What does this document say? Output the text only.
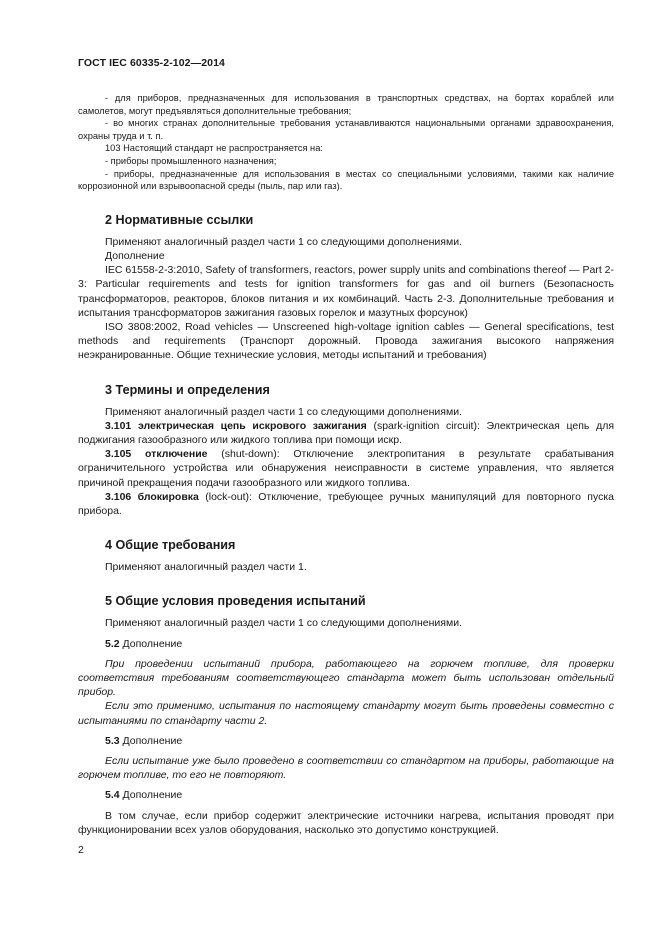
ГОСТ IEC 60335-2-102—2014

- для приборов, предназначенных для использования в транспортных средствах, на бортах кораблей или самолетов, могут предъявляться дополнительные требования;

- во многих странах дополнительные требования устанавливаются национальными органами здравоохранения, охраны труда и т. п.

103 Настоящий стандарт не распространяется на:

- приборы промышленного назначения;

- приборы, предназначенные для использования в местах со специальными условиями, такими как наличие коррозионной или взрывоопасной среды (пыль, пар или газ).

2 Нормативные ссылки

Применяют аналогичный раздел части 1 со следующими дополнениями.

Дополнение

IEC 61558-2-3:2010, Safety of transformers, reactors, power supply units and combinations thereof — Part 2-3: Particular requirements and tests for ignition transformers for gas and oil burners (Безопасность трансформаторов, реакторов, блоков питания и их комбинаций. Часть 2-3. Дополнительные требования и испытания трансформаторов зажигания газовых горелок и мазутных форсунок)

ISO 3808:2002, Road vehicles — Unscreened high-voltage ignition cables — General specifications, test methods and requirements (Транспорт дорожный. Провода зажигания высокого напряжения неэкранированные. Общие технические условия, методы испытаний и требования)

3 Термины и определения

Применяют аналогичный раздел части 1 со следующими дополнениями.

3.101 электрическая цепь искрового зажигания (spark-ignition circuit): Электрическая цепь для поджигания газообразного или жидкого топлива при помощи искр.

3.105 отключение (shut-down): Отключение электропитания в результате срабатывания ограничительного устройства или обнаружения неисправности в системе управления, что является причиной прекращения подачи газообразного или жидкого топлива.

3.106 блокировка (lock-out): Отключение, требующее ручных манипуляций для повторного пуска прибора.

4 Общие требования

Применяют аналогичный раздел части 1.

5 Общие условия проведения испытаний

Применяют аналогичный раздел части 1 со следующими дополнениями.

5.2 Дополнение

При проведении испытаний прибора, работающего на горючем топливе, для проверки соответствия требованиям соответствующего стандарта может быть использован отдельный прибор.

Если это применимо, испытания по настоящему стандарту могут быть проведены совместно с испытаниями по стандарту части 2.

5.3 Дополнение

Если испытание уже было проведено в соответствии со стандартом на приборы, работающие на горючем топливе, то его не повторяют.

5.4 Дополнение

В том случае, если прибор содержит электрические источники нагрева, испытания проводят при функционировании всех узлов оборудования, насколько это допустимо конструкцией.

2
